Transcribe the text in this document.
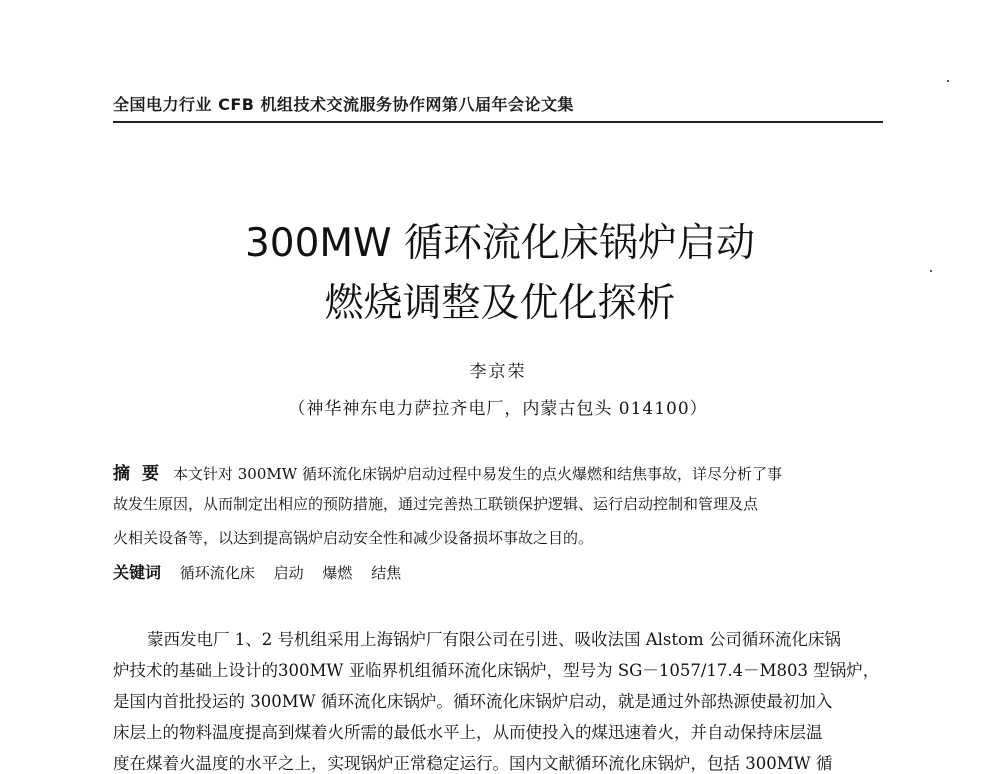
全国电力行业 CFB 机组技术交流服务协作网第八届年会论文集
300MW 循环流化床锅炉启动
燃烧调整及优化探析
李京荣
（神华神东电力萨拉齐电厂，内蒙古包头 014100）
摘要 本文针对 300MW 循环流化床锅炉启动过程中易发生的点火爆燃和结焦事故，详尽分析了事
故发生原因，从而制定出相应的预防措施，通过完善热工联锁保护逻辑、运行启动控制和管理及点
火相关设备等，以达到提高锅炉启动安全性和减少设备损坏事故之目的。
关键词 循环流化床 启动 爆燃 结焦
蒙西发电厂 1、2 号机组采用上海锅炉厂有限公司在引进、吸收法国 Alstom 公司循环流化床锅
炉技术的基础上设计的300MW 亚临界机组循环流化床锅炉，型号为 SG－1057/17.4－M803 型锅炉，
是国内首批投运的 300MW 循环流化床锅炉。循环流化床锅炉启动，就是通过外部热源使最初加入
床层上的物料温度提高到煤着火所需的最低水平上，从而使投入的煤迅速着火，并自动保持床层温
度在煤着火温度的水平之上，实现锅炉正常稳定运行。国内文献循环流化床锅炉，包括 300MW 循
